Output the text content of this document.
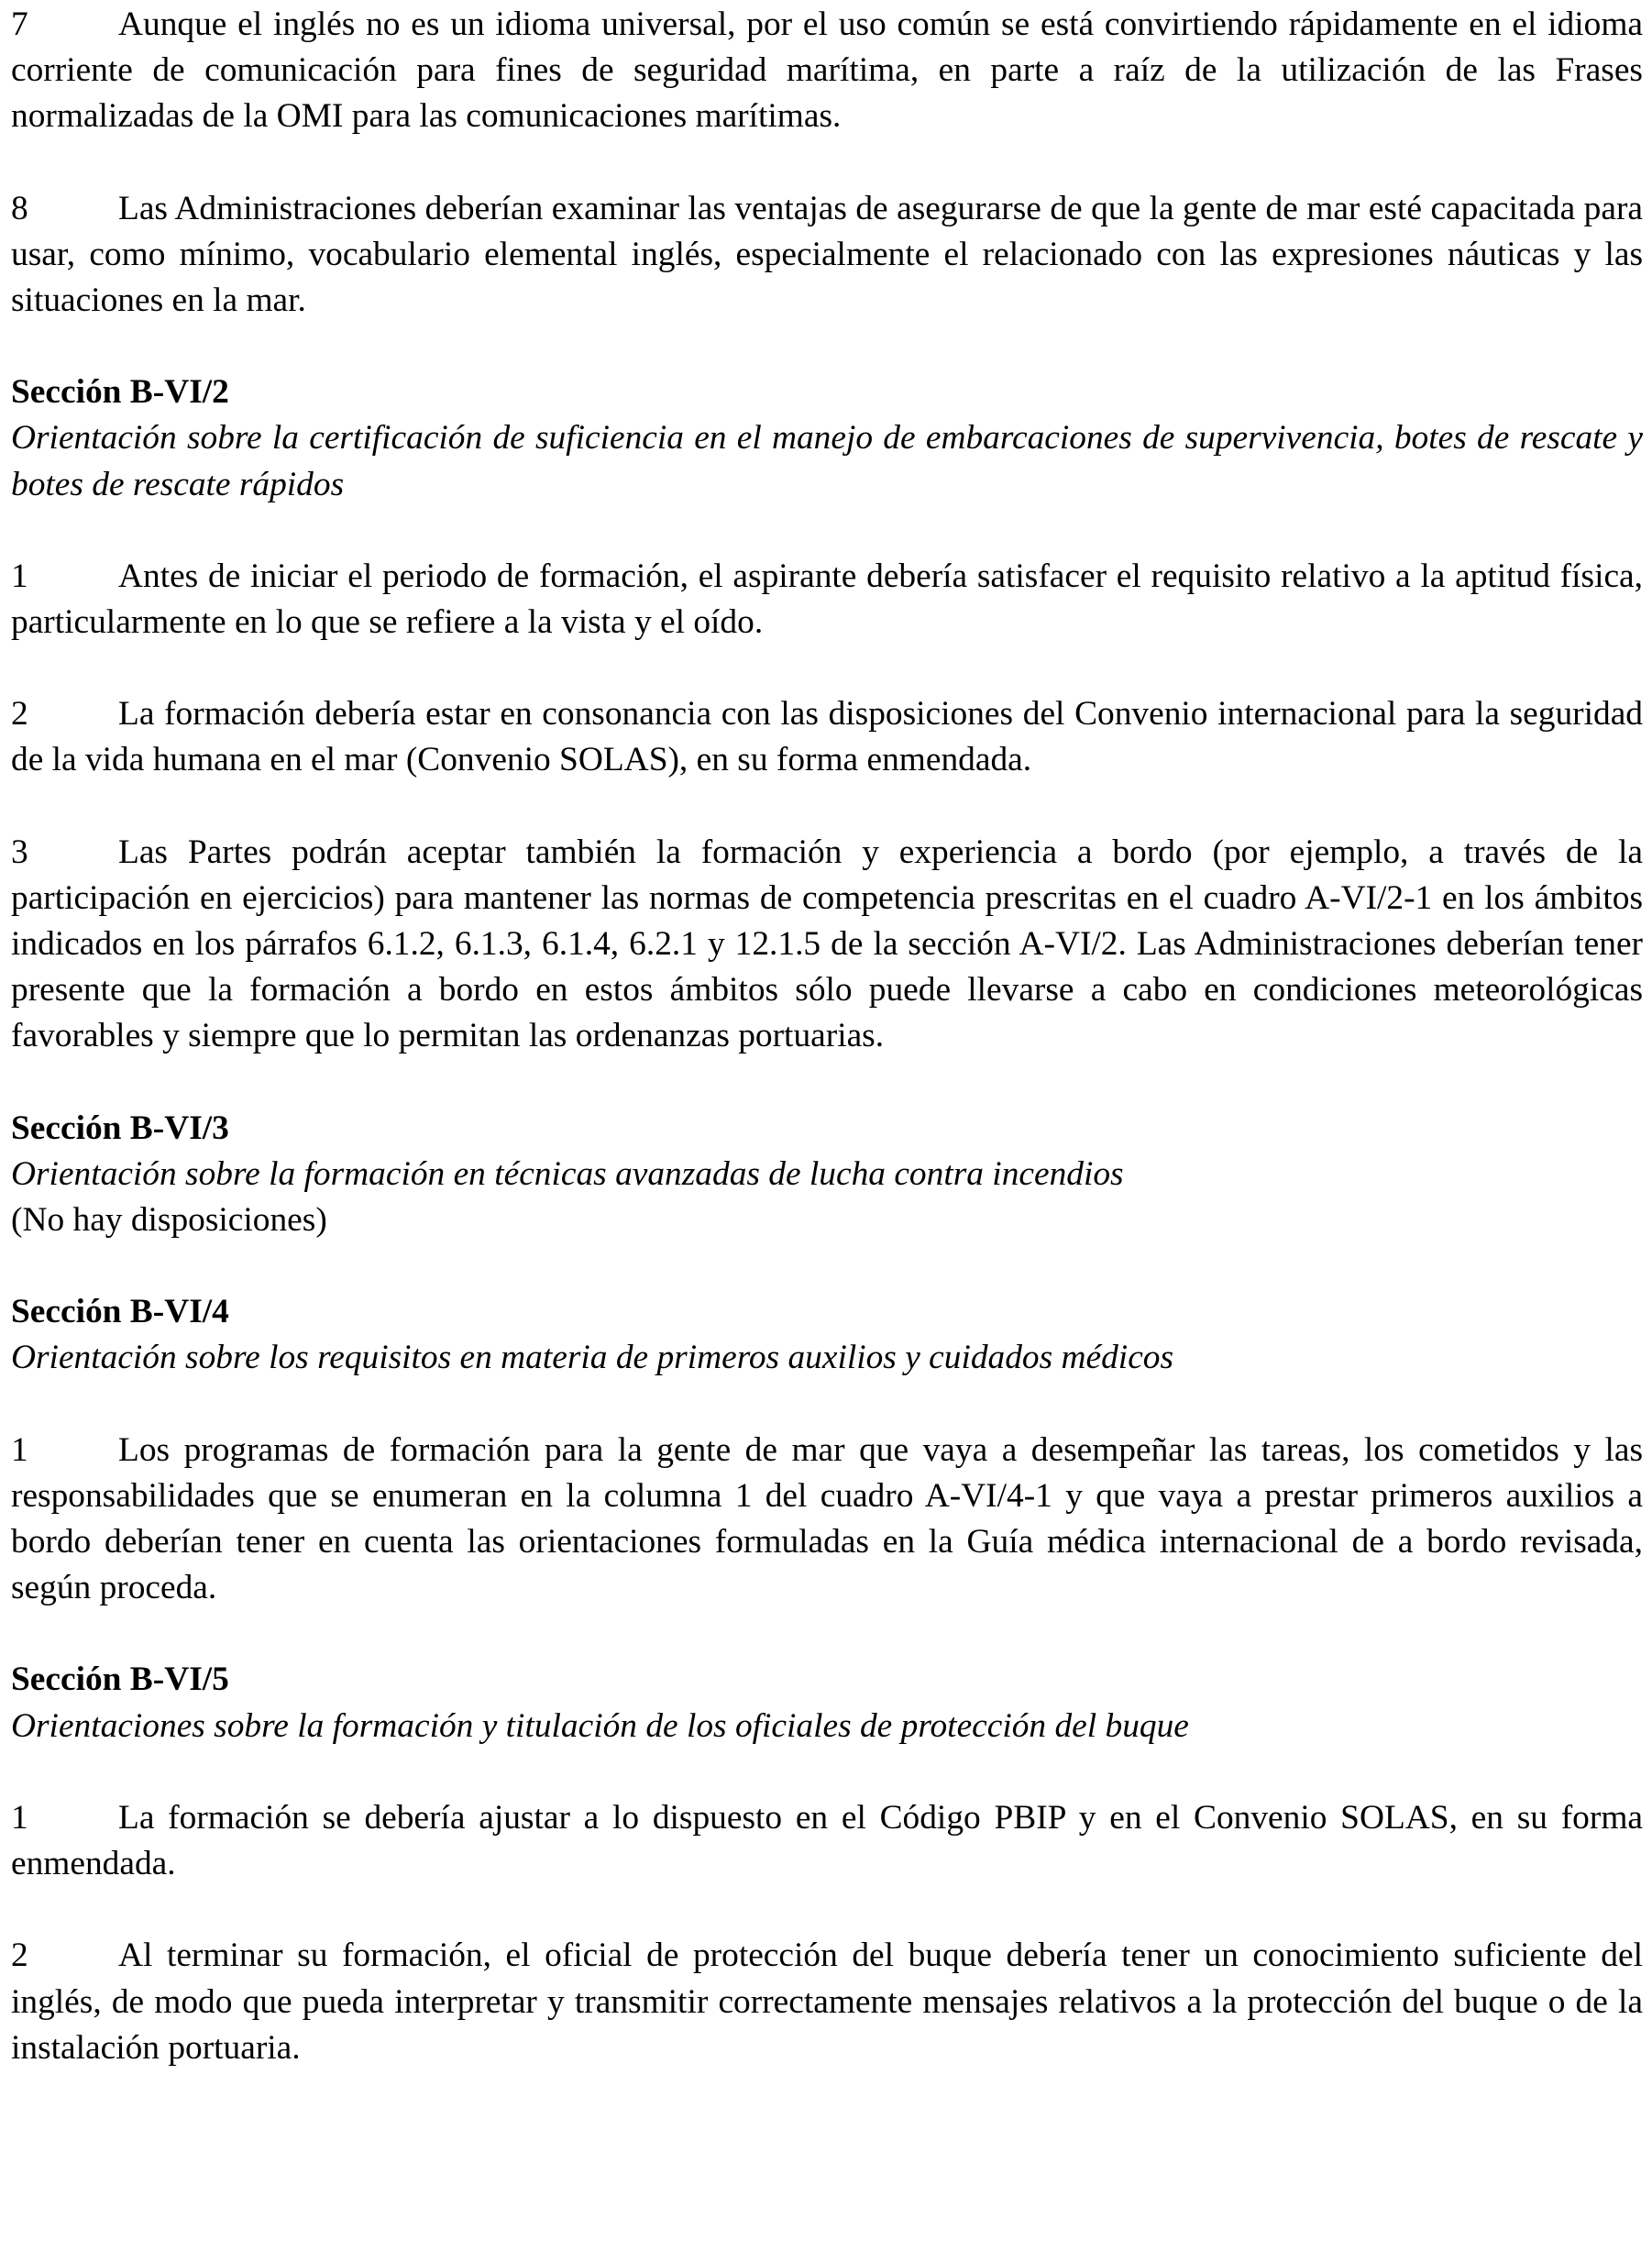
7	Aunque el inglés no es un idioma universal, por el uso común se está convirtiendo rápidamente en el idioma corriente de comunicación para fines de seguridad marítima, en parte a raíz de la utilización de las Frases normalizadas de la OMI para las comunicaciones marítimas.

8	Las Administraciones deberían examinar las ventajas de asegurarse de que la gente de mar esté capacitada para usar, como mínimo, vocabulario elemental inglés, especialmente el relacionado con las expresiones náuticas y las situaciones en la mar.

Sección B-VI/2

Orientación sobre la certificación de suficiencia en el manejo de embarcaciones de supervivencia, botes de rescate y botes de rescate rápidos

1	Antes de iniciar el periodo de formación, el aspirante debería satisfacer el requisito relativo a la aptitud física, particularmente en lo que se refiere a la vista y el oído.

2	La formación debería estar en consonancia con las disposiciones del Convenio internacional para la seguridad de la vida humana en el mar (Convenio SOLAS), en su forma enmendada.

3	Las Partes podrán aceptar también la formación y experiencia a bordo (por ejemplo, a través de la participación en ejercicios) para mantener las normas de competencia prescritas en el cuadro A-VI/2-1 en los ámbitos indicados en los párrafos 6.1.2, 6.1.3, 6.1.4, 6.2.1 y 12.1.5 de la sección A-VI/2. Las Administraciones deberían tener presente que la formación a bordo en estos ámbitos sólo puede llevarse a cabo en condiciones meteorológicas favorables y siempre que lo permitan las ordenanzas portuarias.

Sección B-VI/3

Orientación sobre la formación en técnicas avanzadas de lucha contra incendios

(No hay disposiciones)

Sección B-VI/4

Orientación sobre los requisitos en materia de primeros auxilios y cuidados médicos

1	Los programas de formación para la gente de mar que vaya a desempeñar las tareas, los cometidos y las responsabilidades que se enumeran en la columna 1 del cuadro A-VI/4-1 y que vaya a prestar primeros auxilios a bordo deberían tener en cuenta las orientaciones formuladas en la Guía médica internacional de a bordo revisada, según proceda.

Sección B-VI/5

Orientaciones sobre la formación y titulación de los oficiales de protección del buque

1	La formación se debería ajustar a lo dispuesto en el Código PBIP y en el Convenio SOLAS, en su forma enmendada.

2	Al terminar su formación, el oficial de protección del buque debería tener un conocimiento suficiente del inglés, de modo que pueda interpretar y transmitir correctamente mensajes relativos a la protección del buque o de la instalación portuaria.
